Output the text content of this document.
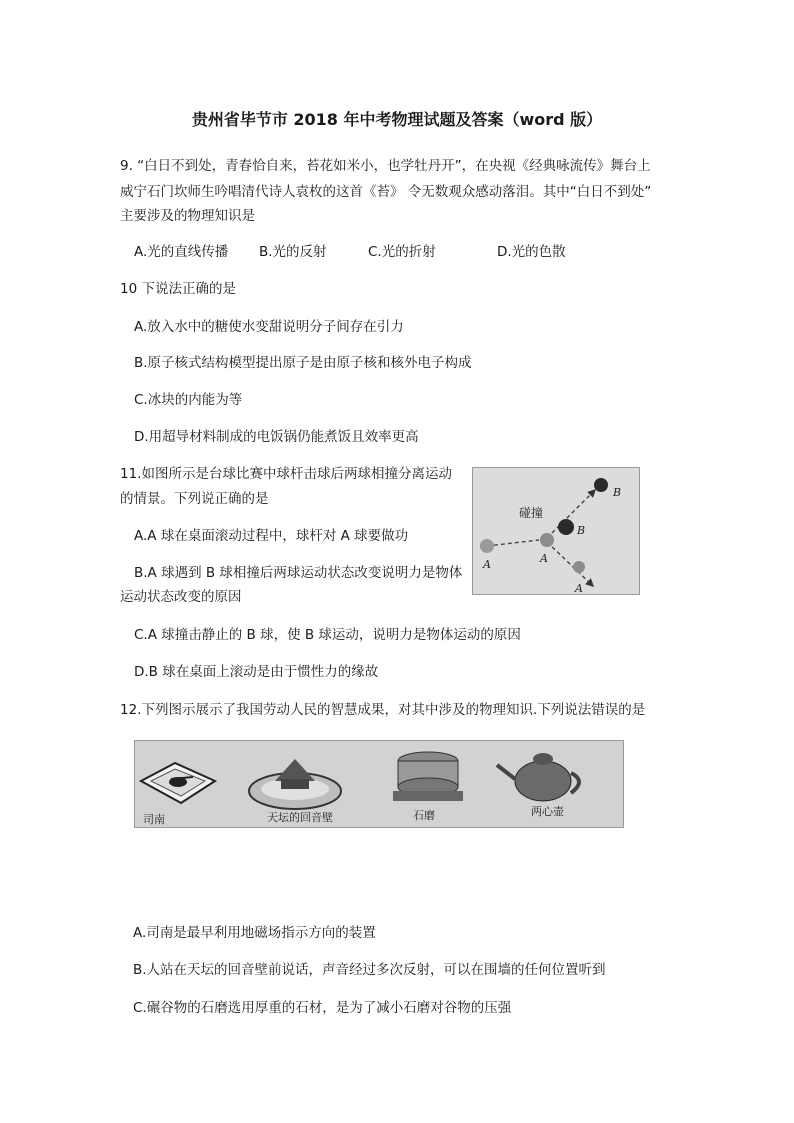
贵州省毕节市 2018 年中考物理试题及答案（word 版）
9. “白日不到处，青春恰自来，苔花如米小，也学牡丹开”，在央视《经典咏流传》舞台上
威宁石门坎师生吟唱清代诗人袁枚的这首《苔》 令无数观众感动落泪。其中“白日不到处”
主要涉及的物理知识是
A.光的直线传播 B.光的反射	C.光的折射	D.光的色散
10 下说法正确的是
A.放入水中的糖使水变甜说明分子间存在引力
B.原子核式结构模型提出原子是由原子核和核外电子构成
C.冰块的内能为等
D.用超导材料制成的电饭锅仍能煮饭且效率更高
11.如图所示是台球比赛中球杆击球后两球相撞分离运动
的情景。下列说正确的是
A.A 球在桌面滚动过程中，球杆对 A 球要做功
B.A 球遇到 B 球相撞后两球运动状态改变说明力是物体
运动状态改变的原因
C.A 球撞击静止的 B 球，使 B 球运动，说明力是物体运动的原因
D.B 球在桌面上滚动是由于惯性力的缘故
碰撞
A	A
A
B
B
12.下列图示展示了我国劳动人民的智慧成果，对其中涉及的物理知识.下列说法错误的是
司南	天坛的回音壁	石磨	两心壶
A.司南是最早利用地磁场指示方向的装置
B.人站在天坛的回音壁前说话，声音经过多次反射，可以在围墙的任何位置听到
C.碾谷物的石磨选用厚重的石材，是为了减小石磨对谷物的压强
